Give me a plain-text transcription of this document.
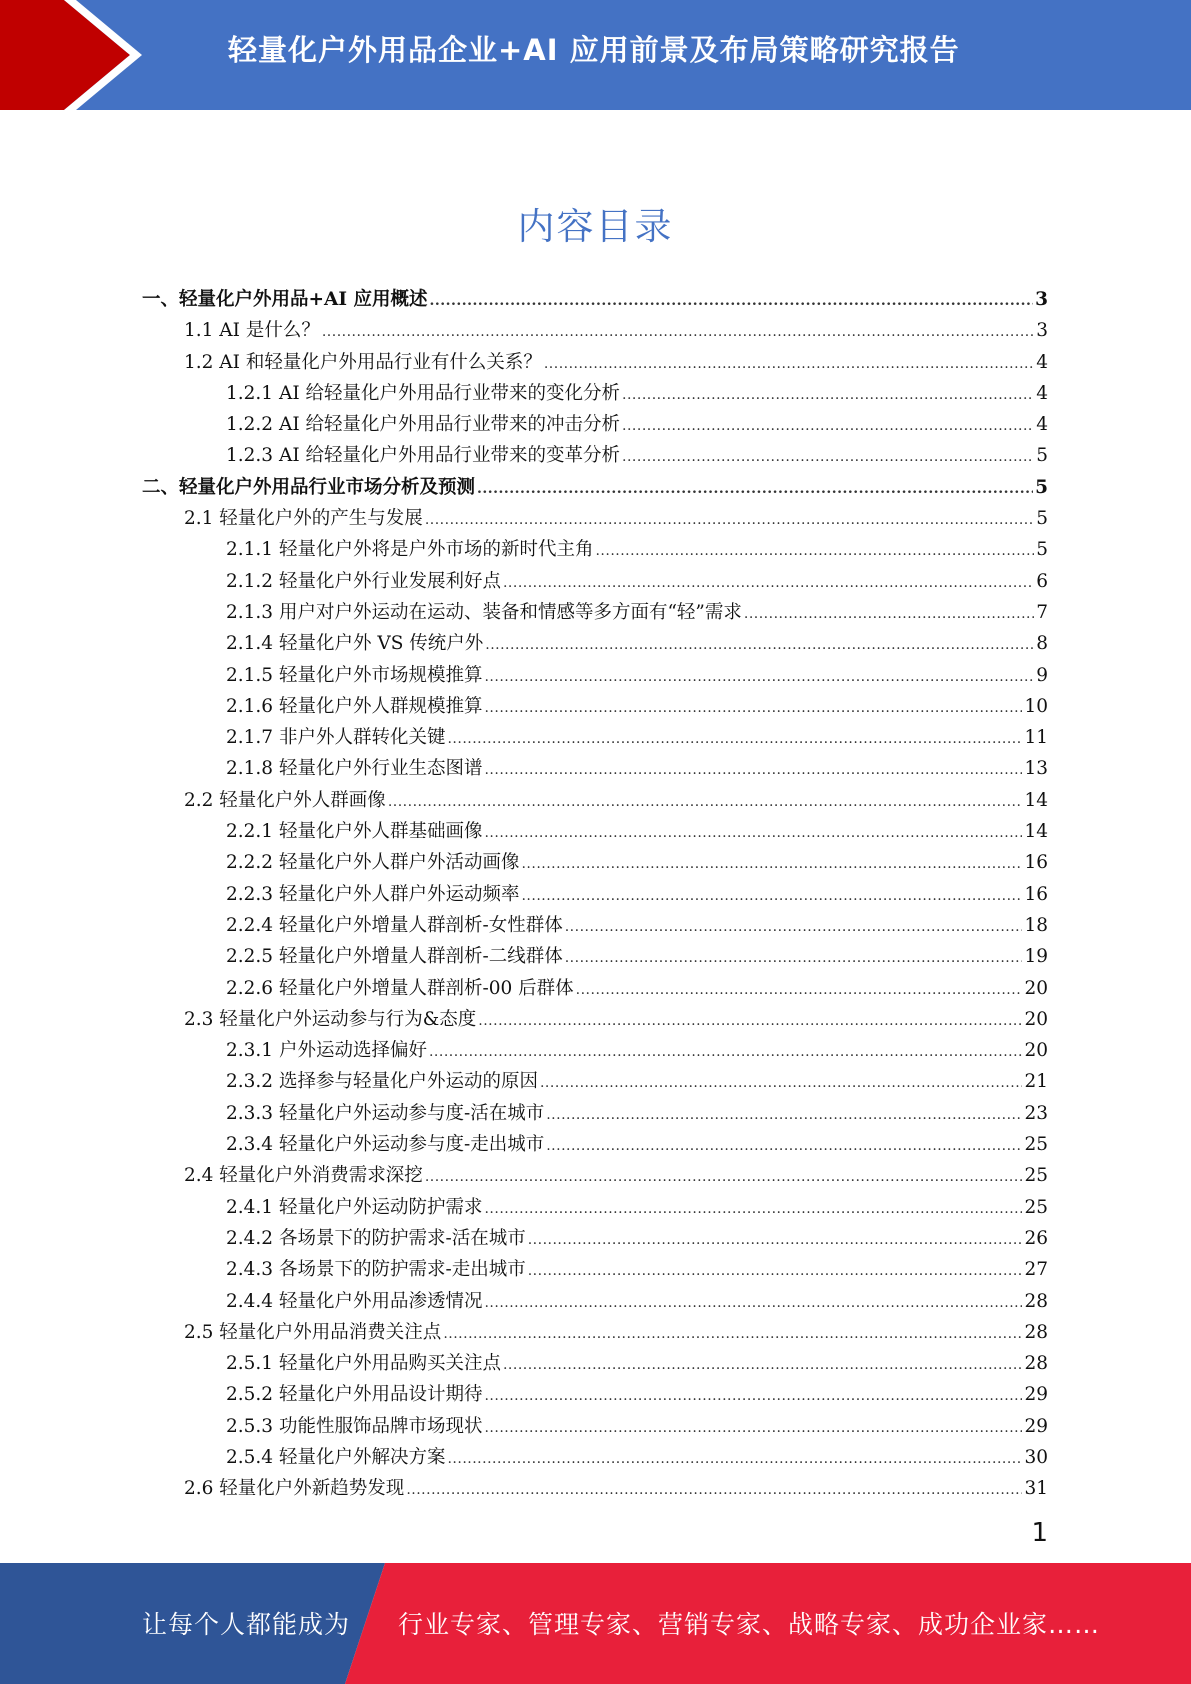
轻量化户外用品企业+AI 应用前景及布局策略研究报告
内容目录
一、轻量化户外用品+AI 应用概述 .....	3
1.1 AI 是什么？ .....	3
1.2 AI 和轻量化户外用品行业有什么关系？ .....	4
1.2.1 AI 给轻量化户外用品行业带来的变化分析 .....	4
1.2.2 AI 给轻量化户外用品行业带来的冲击分析 .....	4
1.2.3 AI 给轻量化户外用品行业带来的变革分析 .....	5
二、轻量化户外用品行业市场分析及预测 .....	5
2.1 轻量化户外的产生与发展 .....	5
2.1.1 轻量化户外将是户外市场的新时代主角 .....	5
2.1.2 轻量化户外行业发展利好点 .....	6
2.1.3 用户对户外运动在运动、装备和情感等多方面有“轻”需求 .....	7
2.1.4 轻量化户外 VS 传统户外 .....	8
2.1.5 轻量化户外市场规模推算 .....	9
2.1.6 轻量化户外人群规模推算 .....	10
2.1.7 非户外人群转化关键 .....	11
2.1.8 轻量化户外行业生态图谱 .....	13
2.2 轻量化户外人群画像 .....	14
2.2.1 轻量化户外人群基础画像 .....	14
2.2.2 轻量化户外人群户外活动画像 .....	16
2.2.3 轻量化户外人群户外运动频率 .....	16
2.2.4 轻量化户外增量人群剖析-女性群体 .....	18
2.2.5 轻量化户外增量人群剖析-二线群体 .....	19
2.2.6 轻量化户外增量人群剖析-00 后群体 .....	20
2.3 轻量化户外运动参与行为&态度 .....	20
2.3.1 户外运动选择偏好 .....	20
2.3.2 选择参与轻量化户外运动的原因 .....	21
2.3.3 轻量化户外运动参与度-活在城市 .....	23
2.3.4 轻量化户外运动参与度-走出城市 .....	25
2.4 轻量化户外消费需求深挖 .....	25
2.4.1 轻量化户外运动防护需求 .....	25
2.4.2 各场景下的防护需求-活在城市 .....	26
2.4.3 各场景下的防护需求-走出城市 .....	27
2.4.4 轻量化户外用品渗透情况 .....	28
2.5 轻量化户外用品消费关注点 .....	28
2.5.1 轻量化户外用品购买关注点 .....	28
2.5.2 轻量化户外用品设计期待 .....	29
2.5.3 功能性服饰品牌市场现状 .....	29
2.5.4 轻量化户外解决方案 .....	30
2.6 轻量化户外新趋势发现 .....	31
1
让每个人都能成为 行业专家、管理专家、营销专家、战略专家、成功企业家……
